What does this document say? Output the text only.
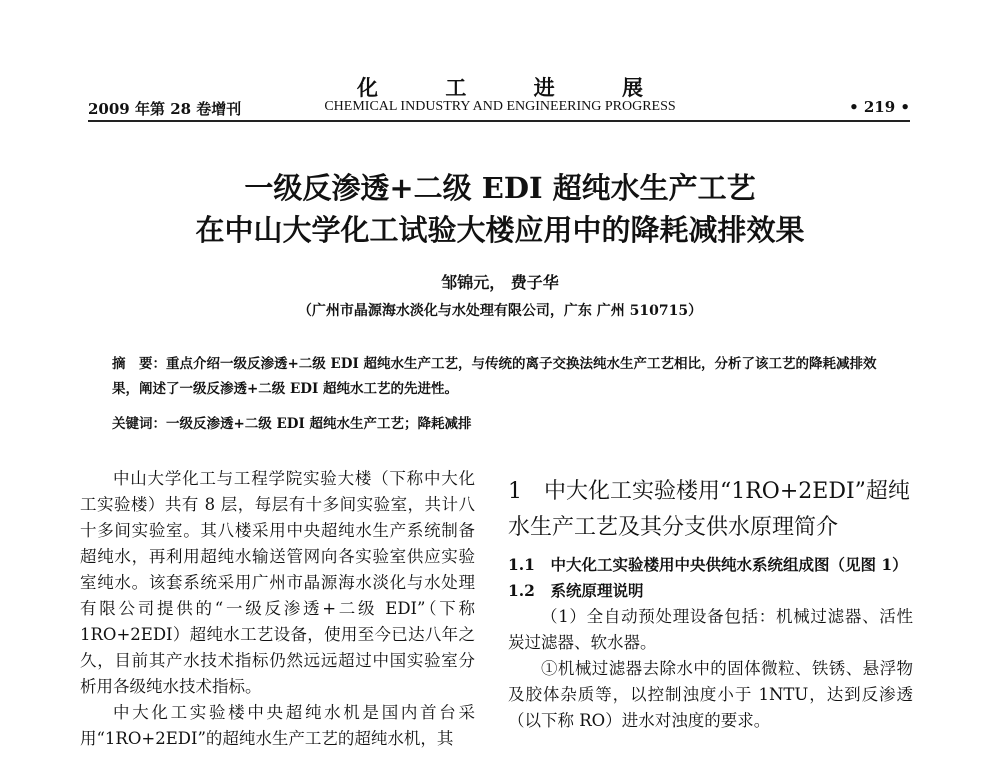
化 工 进 展
2009 年第 28 卷增刊	CHEMICAL INDUSTRY AND ENGINEERING PROGRESS	• 219 •
一级反渗透+二级 EDI 超纯水生产工艺
在中山大学化工试验大楼应用中的降耗减排效果
邹锦元， 费子华
（广州市晶源海水淡化与水处理有限公司，广东 广州 510715）
摘　要：重点介绍一级反渗透+二级 EDI 超纯水生产工艺，与传统的离子交换法纯水生产工艺相比，分析了该工艺的降耗减排效果，阐述了一级反渗透+二级 EDI 超纯水工艺的先进性。
关键词：一级反渗透+二级 EDI 超纯水生产工艺；降耗减排

中山大学化工与工程学院实验大楼（下称中大化工实验楼）共有 8 层，每层有十多间实验室，共计八十多间实验室。其八楼采用中央超纯水生产系统制备超纯水，再利用超纯水输送管网向各实验室供应实验室纯水。该套系统采用广州市晶源海水淡化与水处理有限公司提供的“一级反渗透+二级 EDI”（下称 1RO+2EDI）超纯水工艺设备，使用至今已达八年之久，目前其产水技术指标仍然远远超过中国实验室分析用各级纯水技术指标。

中大化工实验楼中央超纯水机是国内首台采用“1RO+2EDI”的超纯水生产工艺的超纯水机，其

1　中大化工实验楼用“1RO+2EDI”超纯水生产工艺及其分支供水原理简介
1.1　中大化工实验楼用中央供纯水系统组成图（见图 1）
1.2　系统原理说明

（1）全自动预处理设备包括：机械过滤器、活性炭过滤器、软水器。

①机械过滤器去除水中的固体微粒、铁锈、悬浮物及胶体杂质等，以控制浊度小于 1NTU，达到反渗透（以下称 RO）进水对浊度的要求。
